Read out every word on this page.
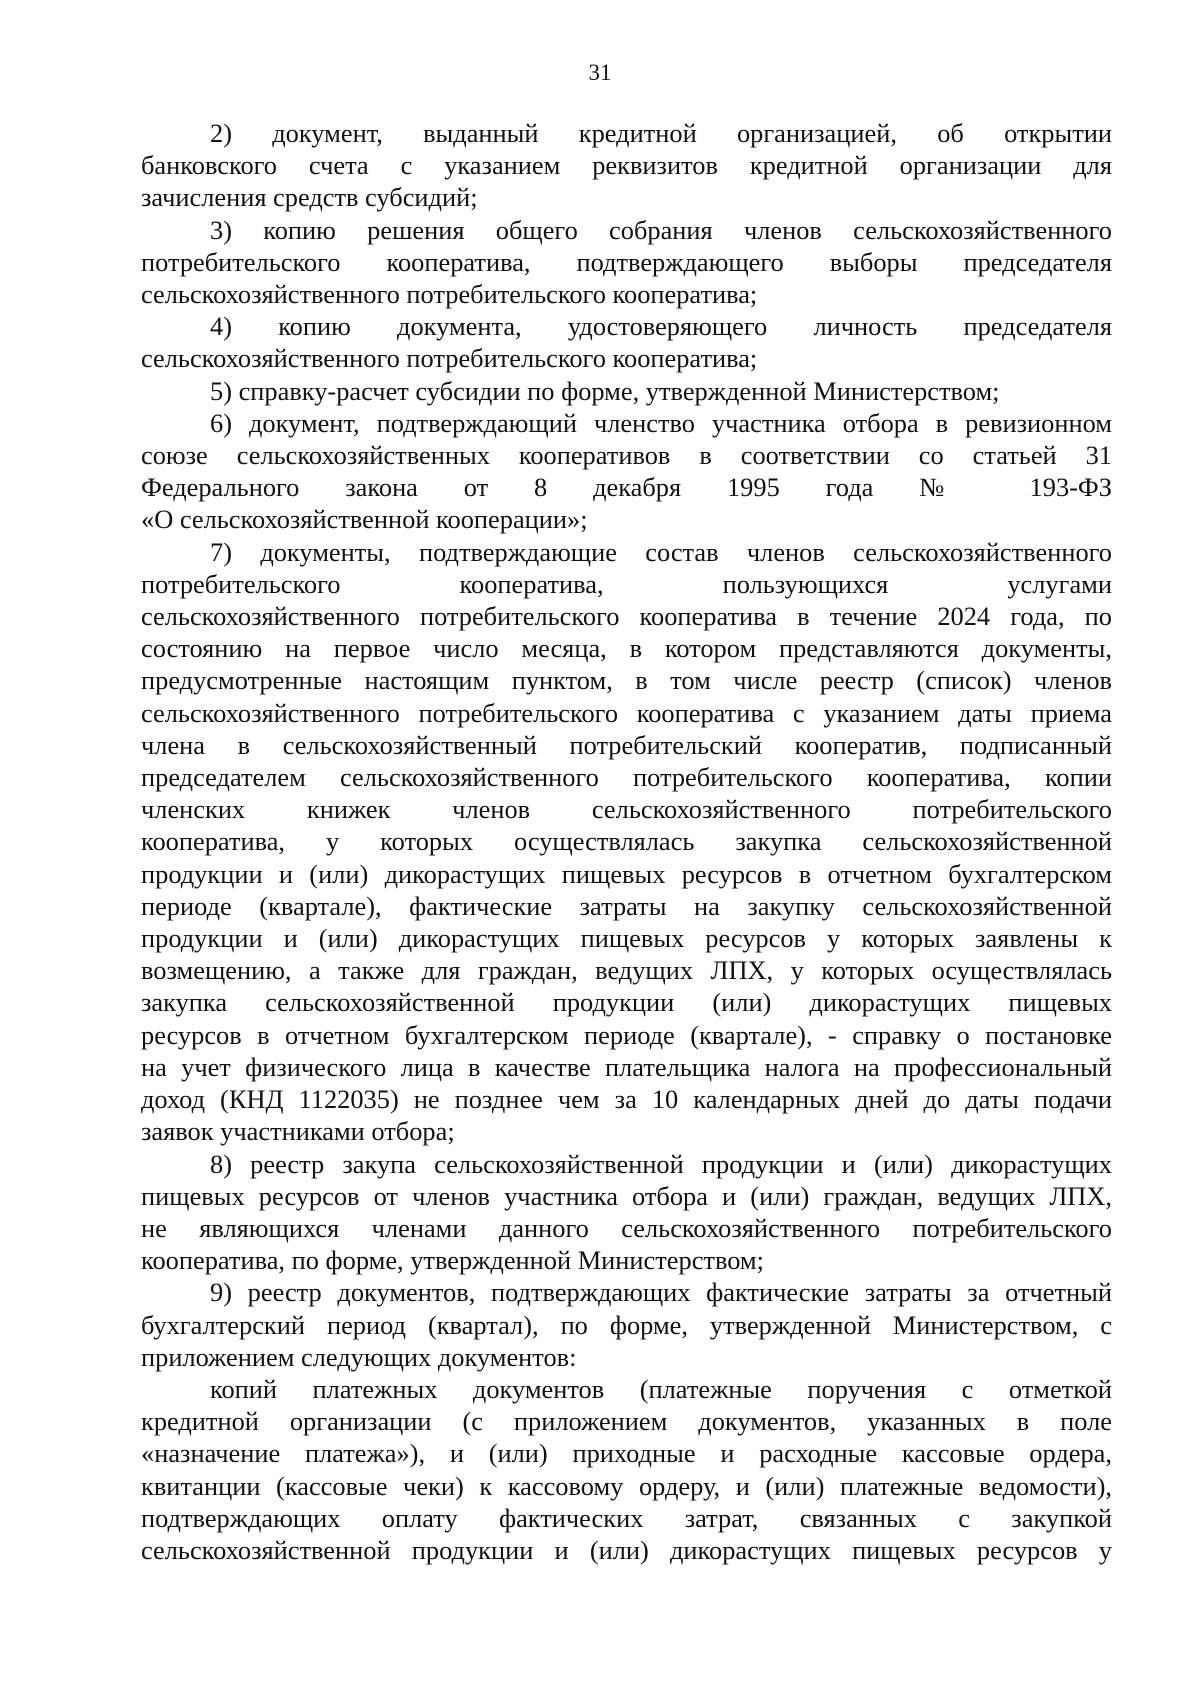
31
2) документ, выданный кредитной организацией, об открытии
банковского счета с указанием реквизитов кредитной организации для
зачисления средств субсидий;
3) копию решения общего собрания членов сельскохозяйственного
потребительского кооператива, подтверждающего выборы председателя
сельскохозяйственного потребительского кооператива;
4) копию документа, удостоверяющего личность председателя
сельскохозяйственного потребительского кооператива;
5) справку-расчет субсидии по форме, утвержденной Министерством;
6) документ, подтверждающий членство участника отбора в ревизионном
союзе сельскохозяйственных кооперативов в соответствии со статьей 31
Федерального закона от 8 декабря 1995 года № 193-ФЗ
«О сельскохозяйственной кооперации»;
7) документы, подтверждающие состав членов сельскохозяйственного
потребительского кооператива, пользующихся услугами
сельскохозяйственного потребительского кооператива в течение 2024 года, по
состоянию на первое число месяца, в котором представляются документы,
предусмотренные настоящим пунктом, в том числе реестр (список) членов
сельскохозяйственного потребительского кооператива с указанием даты приема
члена в сельскохозяйственный потребительский кооператив, подписанный
председателем сельскохозяйственного потребительского кооператива, копии
членских книжек членов сельскохозяйственного потребительского
кооператива, у которых осуществлялась закупка сельскохозяйственной
продукции и (или) дикорастущих пищевых ресурсов в отчетном бухгалтерском
периоде (квартале), фактические затраты на закупку сельскохозяйственной
продукции и (или) дикорастущих пищевых ресурсов у которых заявлены к
возмещению, а также для граждан, ведущих ЛПХ, у которых осуществлялась
закупка сельскохозяйственной продукции (или) дикорастущих пищевых
ресурсов в отчетном бухгалтерском периоде (квартале), - справку о постановке
на учет физического лица в качестве плательщика налога на профессиональный
доход (КНД 1122035) не позднее чем за 10 календарных дней до даты подачи
заявок участниками отбора;
8) реестр закупа сельскохозяйственной продукции и (или) дикорастущих
пищевых ресурсов от членов участника отбора и (или) граждан, ведущих ЛПХ,
не являющихся членами данного сельскохозяйственного потребительского
кооператива, по форме, утвержденной Министерством;
9) реестр документов, подтверждающих фактические затраты за отчетный
бухгалтерский период (квартал), по форме, утвержденной Министерством, с
приложением следующих документов:
копий платежных документов (платежные поручения с отметкой
кредитной организации (с приложением документов, указанных в поле
«назначение платежа»), и (или) приходные и расходные кассовые ордера,
квитанции (кассовые чеки) к кассовому ордеру, и (или) платежные ведомости),
подтверждающих оплату фактических затрат, связанных с закупкой
сельскохозяйственной продукции и (или) дикорастущих пищевых ресурсов у
